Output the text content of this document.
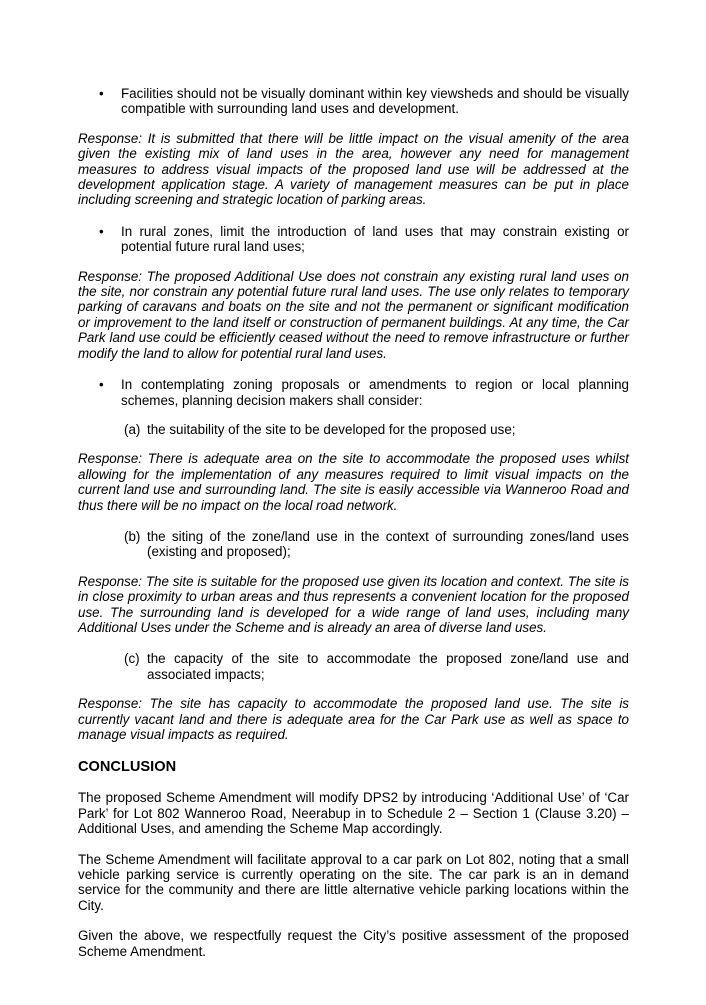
•	Facilities should not be visually dominant within key viewsheds and should be visually compatible with surrounding land uses and development.

Response: It is submitted that there will be little impact on the visual amenity of the area given the existing mix of land uses in the area, however any need for management measures to address visual impacts of the proposed land use will be addressed at the development application stage. A variety of management measures can be put in place including screening and strategic location of parking areas.

•	In rural zones, limit the introduction of land uses that may constrain existing or potential future rural land uses;

Response: The proposed Additional Use does not constrain any existing rural land uses on the site, nor constrain any potential future rural land uses. The use only relates to temporary parking of caravans and boats on the site and not the permanent or significant modification or improvement to the land itself or construction of permanent buildings. At any time, the Car Park land use could be efficiently ceased without the need to remove infrastructure or further modify the land to allow for potential rural land uses.

•	In contemplating zoning proposals or amendments to region or local planning schemes, planning decision makers shall consider:
(a) the suitability of the site to be developed for the proposed use;

Response: There is adequate area on the site to accommodate the proposed uses whilst allowing for the implementation of any measures required to limit visual impacts on the current land use and surrounding land. The site is easily accessible via Wanneroo Road and thus there will be no impact on the local road network.

(b) the siting of the zone/land use in the context of surrounding zones/land uses (existing and proposed);

Response: The site is suitable for the proposed use given its location and context. The site is in close proximity to urban areas and thus represents a convenient location for the proposed use. The surrounding land is developed for a wide range of land uses, including many Additional Uses under the Scheme and is already an area of diverse land uses.

(c) the capacity of the site to accommodate the proposed zone/land use and associated impacts;

Response: The site has capacity to accommodate the proposed land use. The site is currently vacant land and there is adequate area for the Car Park use as well as space to manage visual impacts as required.

CONCLUSION

The proposed Scheme Amendment will modify DPS2 by introducing ‘Additional Use’ of ‘Car Park’ for Lot 802 Wanneroo Road, Neerabup in to Schedule 2 – Section 1 (Clause 3.20) – Additional Uses, and amending the Scheme Map accordingly.

The Scheme Amendment will facilitate approval to a car park on Lot 802, noting that a small vehicle parking service is currently operating on the site. The car park is an in demand service for the community and there are little alternative vehicle parking locations within the City.

Given the above, we respectfully request the City’s positive assessment of the proposed Scheme Amendment.
